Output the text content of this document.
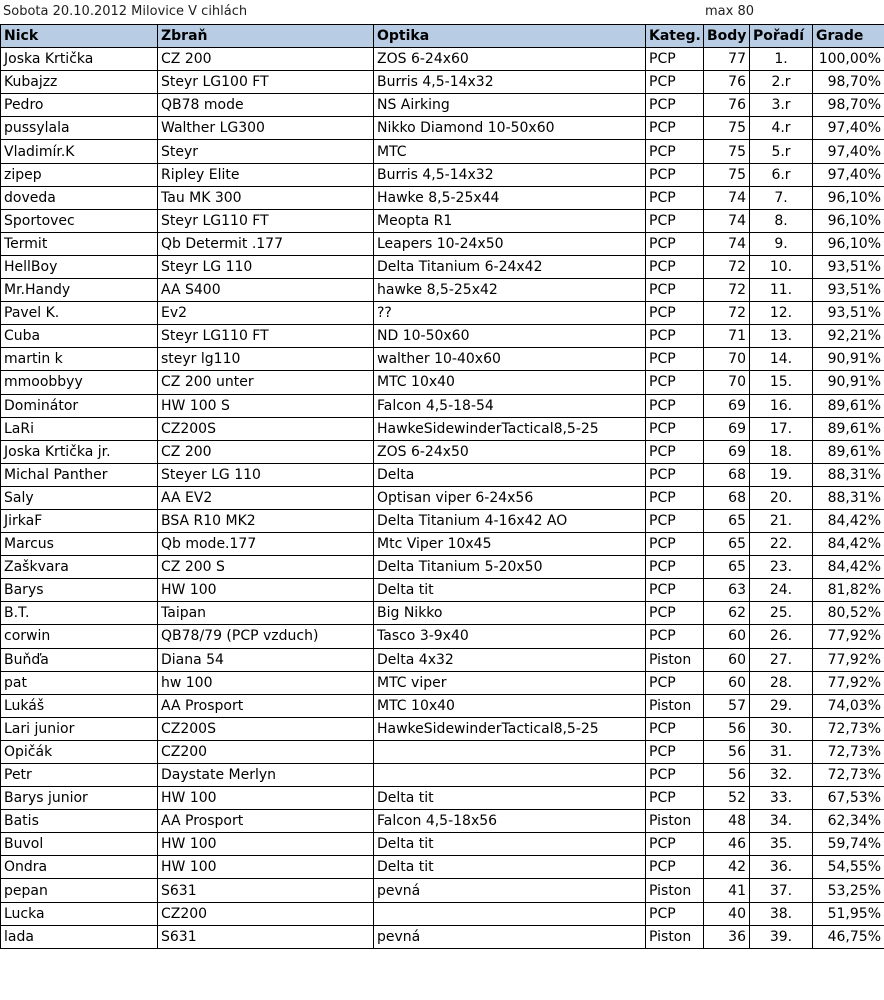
Sobota 20.10.2012 Milovice V cihlách	max 80
Nick	Zbraň	Optika	Kateg.	Body	Pořadí	Grade
Joska Krtička	CZ 200	ZOS 6-24x60	PCP	77	1.	100,00%
Kubajzz	Steyr LG100 FT	Burris 4,5-14x32	PCP	76	2.r	98,70%
Pedro	QB78 mode	NS Airking	PCP	76	3.r	98,70%
pussylala	Walther LG300	Nikko Diamond 10-50x60	PCP	75	4.r	97,40%
Vladimír.K	Steyr	MTC	PCP	75	5.r	97,40%
zipep	Ripley Elite	Burris 4,5-14x32	PCP	75	6.r	97,40%
doveda	Tau MK 300	Hawke 8,5-25x44	PCP	74	7.	96,10%
Sportovec	Steyr LG110 FT	Meopta R1	PCP	74	8.	96,10%
Termit	Qb Determit .177	Leapers 10-24x50	PCP	74	9.	96,10%
HellBoy	Steyr LG 110	Delta Titanium 6-24x42	PCP	72	10.	93,51%
Mr.Handy	AA S400	hawke 8,5-25x42	PCP	72	11.	93,51%
Pavel K.	Ev2	??	PCP	72	12.	93,51%
Cuba	Steyr LG110 FT	ND 10-50x60	PCP	71	13.	92,21%
martin k	steyr lg110	walther 10-40x60	PCP	70	14.	90,91%
mmoobbyy	CZ 200 unter	MTC 10x40	PCP	70	15.	90,91%
Dominátor	HW 100 S	Falcon 4,5-18-54	PCP	69	16.	89,61%
LaRi	CZ200S	HawkeSidewinderTactical8,5-25	PCP	69	17.	89,61%
Joska Krtička jr.	CZ 200	ZOS 6-24x50	PCP	69	18.	89,61%
Michal Panther	Steyer LG 110	Delta	PCP	68	19.	88,31%
Saly	AA EV2	Optisan viper 6-24x56	PCP	68	20.	88,31%
JirkaF	BSA R10 MK2	Delta Titanium 4-16x42 AO	PCP	65	21.	84,42%
Marcus	Qb mode.177	Mtc Viper 10x45	PCP	65	22.	84,42%
Zaškvara	CZ 200 S	Delta Titanium 5-20x50	PCP	65	23.	84,42%
Barys	HW 100	Delta tit	PCP	63	24.	81,82%
B.T.	Taipan	Big Nikko	PCP	62	25.	80,52%
corwin	QB78/79 (PCP vzduch)	Tasco 3-9x40	PCP	60	26.	77,92%
Buňďa	Diana 54	Delta 4x32	Piston	60	27.	77,92%
pat	hw 100	MTC viper	PCP	60	28.	77,92%
Lukáš	AA Prosport	MTC 10x40	Piston	57	29.	74,03%
Lari junior	CZ200S	HawkeSidewinderTactical8,5-25	PCP	56	30.	72,73%
Opičák	CZ200		PCP	56	31.	72,73%
Petr	Daystate Merlyn		PCP	56	32.	72,73%
Barys junior	HW 100	Delta tit	PCP	52	33.	67,53%
Batis	AA Prosport	Falcon 4,5-18x56	Piston	48	34.	62,34%
Buvol	HW 100	Delta tit	PCP	46	35.	59,74%
Ondra	HW 100	Delta tit	PCP	42	36.	54,55%
pepan	S631	pevná	Piston	41	37.	53,25%
Lucka	CZ200		PCP	40	38.	51,95%
lada	S631	pevná	Piston	36	39.	46,75%
